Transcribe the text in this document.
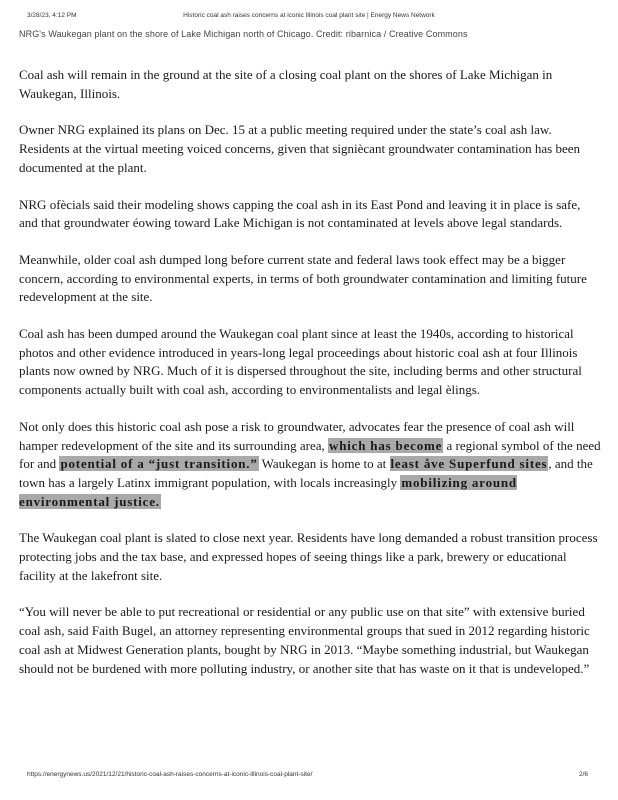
3/28/23, 4:12 PM	Historic coal ash raises concerns at iconic Illinois coal plant site | Energy News Network
NRG's Waukegan plant on the shore of Lake Michigan north of Chicago. Credit: ribarnica / Creative Commons

Coal ash will remain in the ground at the site of a closing coal plant on the shores of Lake Michigan in Waukegan, Illinois.

Owner NRG explained its plans on Dec. 15 at a public meeting required under the state’s coal ash law. Residents at the virtual meeting voiced concerns, given that signiècant groundwater contamination has been documented at the plant.

NRG ofècials said their modeling shows capping the coal ash in its East Pond and leaving it in place is safe, and that groundwater éowing toward Lake Michigan is not contaminated at levels above legal standards.

Meanwhile, older coal ash dumped long before current state and federal laws took effect may be a bigger concern, according to environmental experts, in terms of both groundwater contamination and limiting future redevelopment at the site.

Coal ash has been dumped around the Waukegan coal plant since at least the 1940s, according to historical photos and other evidence introduced in years-long legal proceedings about historic coal ash at four Illinois plants now owned by NRG. Much of it is dispersed throughout the site, including berms and other structural components actually built with coal ash, according to environmentalists and legal èlings.

Not only does this historic coal ash pose a risk to groundwater, advocates fear the presence of coal ash will hamper redevelopment of the site and its surrounding area, which has become a regional symbol of the need for and potential of a “just transition.” Waukegan is home to at least åve Superfund sites, and the town has a largely Latinx immigrant population, with locals increasingly mobilizing around environmental justice.

The Waukegan coal plant is slated to close next year. Residents have long demanded a robust transition process protecting jobs and the tax base, and expressed hopes of seeing things like a park, brewery or educational facility at the lakefront site.

“You will never be able to put recreational or residential or any public use on that site” with extensive buried coal ash, said Faith Bugel, an attorney representing environmental groups that sued in 2012 regarding historic coal ash at Midwest Generation plants, bought by NRG in 2013. “Maybe something industrial, but Waukegan should not be burdened with more polluting industry, or another site that has waste on it that is undeveloped.”

https://energynews.us/2021/12/21/historic-coal-ash-raises-concerns-at-iconic-illinois-coal-plant-site/	2/6
